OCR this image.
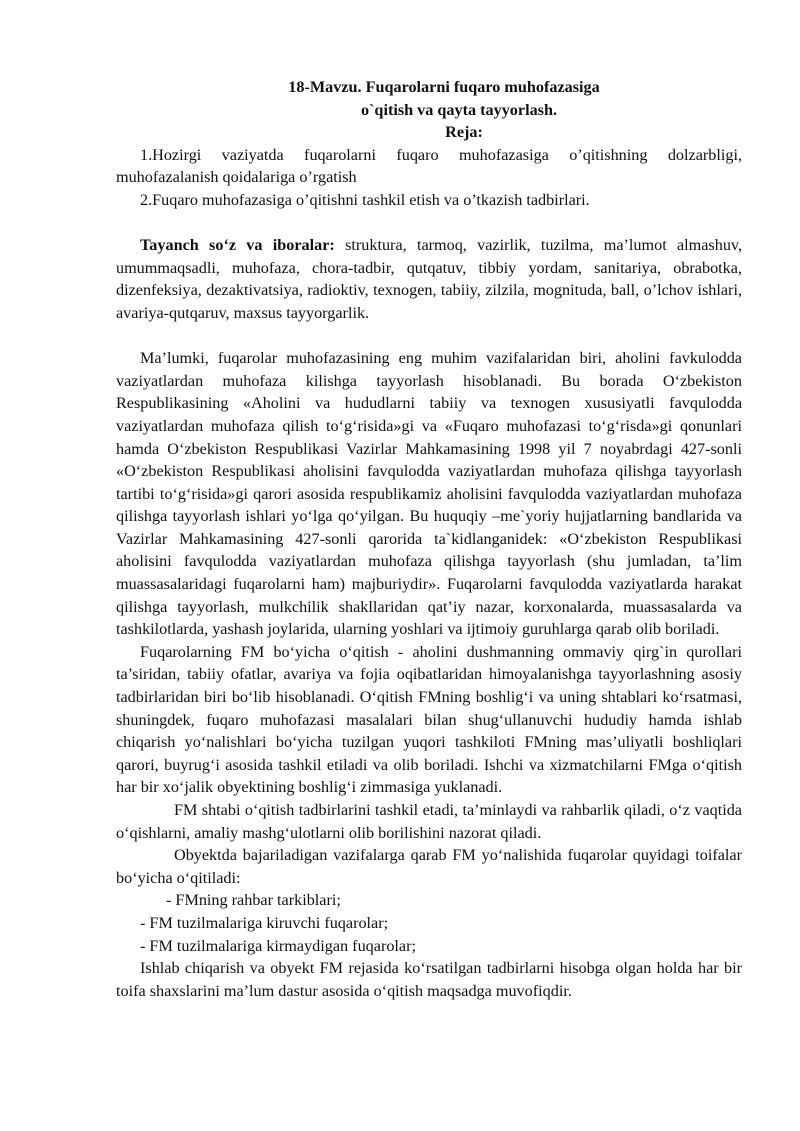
18-Mavzu. Fuqarolarni fuqaro muhofazasiga
o`qitish va qayta tayyorlash.
Reja:

1.Hozirgi vaziyatda fuqarolarni fuqaro muhofazasiga o’qitishning dolzarbligi, muhofazalanish qoidalariga o’rgatish

2.Fuqaro muhofazasiga o’qitishni tashkil etish va o’tkazish tadbirlari.

Tayanch so‘z va iboralar: struktura, tarmoq, vazirlik, tuzilma, ma’lumot almashuv, umummaqsadli, muhofaza, chora-tadbir, qutqatuv, tibbiy yordam, sanitariya, obrabotka, dizenfeksiya, dezaktivatsiya, radioktiv, texnogen, tabiiy, zilzila, mognituda, ball, o’lchov ishlari, avariya-qutqaruv, maxsus tayyorgarlik.

Ma’lumki, fuqarolar muhofazasining eng muhim vazifalaridan biri, aholini favkulodda vaziyatlardan muhofaza kilishga tayyorlash hisoblanadi. Bu borada O‘zbekiston Respublikasining «Aholini va hududlarni tabiiy va texnogen xususiyatli favqulodda vaziyatlardan muhofaza qilish to‘g‘risida»gi va «Fuqaro muhofazasi to‘g‘risda»gi qonunlari hamda O‘zbekiston Respublikasi Vazirlar Mahkamasining 1998 yil 7 noyabrdagi 427-sonli «O‘zbekiston Respublikasi aholisini favqulodda vaziyatlardan muhofaza qilishga tayyorlash tartibi to‘g‘risida»gi qarori asosida respublikamiz aholisini favqulodda vaziyatlardan muhofaza qilishga tayyorlash ishlari yo‘lga qo‘yilgan. Bu huquqiy –me`yoriy hujjatlarning bandlarida va Vazirlar Mahkamasining 427-sonli qarorida ta`kidlanganidek: «O‘zbekiston Respublikasi aholisini favqulodda vaziyatlardan muhofaza qilishga tayyorlash (shu jumladan, ta’lim muassasalaridagi fuqarolarni ham) majburiydir». Fuqarolarni favqulodda vaziyatlarda harakat qilishga tayyorlash, mulkchilik shakllaridan qat’iy nazar, korxonalarda, muassasalarda va tashkilotlarda, yashash joylarida, ularning yoshlari va ijtimoiy guruhlarga qarab olib boriladi.

Fuqarolarning FM bo‘yicha o‘qitish - aholini dushmanning ommaviy qirg`in qurollari ta’siridan, tabiiy ofatlar, avariya va fojia oqibatlaridan himoyalanishga tayyorlashning asosiy tadbirlaridan biri bo‘lib hisoblanadi. O‘qitish FMning boshlig‘i va uning shtablari ko‘rsatmasi, shuningdek, fuqaro muhofazasi masalalari bilan shug‘ullanuvchi hududiy hamda ishlab chiqarish yo‘nalishlari bo‘yicha tuzilgan yuqori tashkiloti FMning mas’uliyatli boshliqlari qarori, buyrug‘i asosida tashkil etiladi va olib boriladi. Ishchi va xizmatchilarni FMga o‘qitish har bir xo‘jalik obyektining boshlig‘i zimmasiga yuklanadi.

FM shtabi o‘qitish tadbirlarini tashkil etadi, ta’minlaydi va rahbarlik qiladi, o‘z vaqtida o‘qishlarni, amaliy mashg‘ulotlarni olib borilishini nazorat qiladi.

Obyektda bajariladigan vazifalarga qarab FM yo‘nalishida fuqarolar quyidagi toifalar bo‘yicha o‘qitiladi:

- FMning rahbar tarkiblari;
- FM tuzilmalariga kiruvchi fuqarolar;
- FM tuzilmalariga kirmaydigan fuqarolar;

Ishlab chiqarish va obyekt FM rejasida ko‘rsatilgan tadbirlarni hisobga olgan holda har bir toifa shaxslarini ma’lum dastur asosida o‘qitish maqsadga muvofiqdir.
